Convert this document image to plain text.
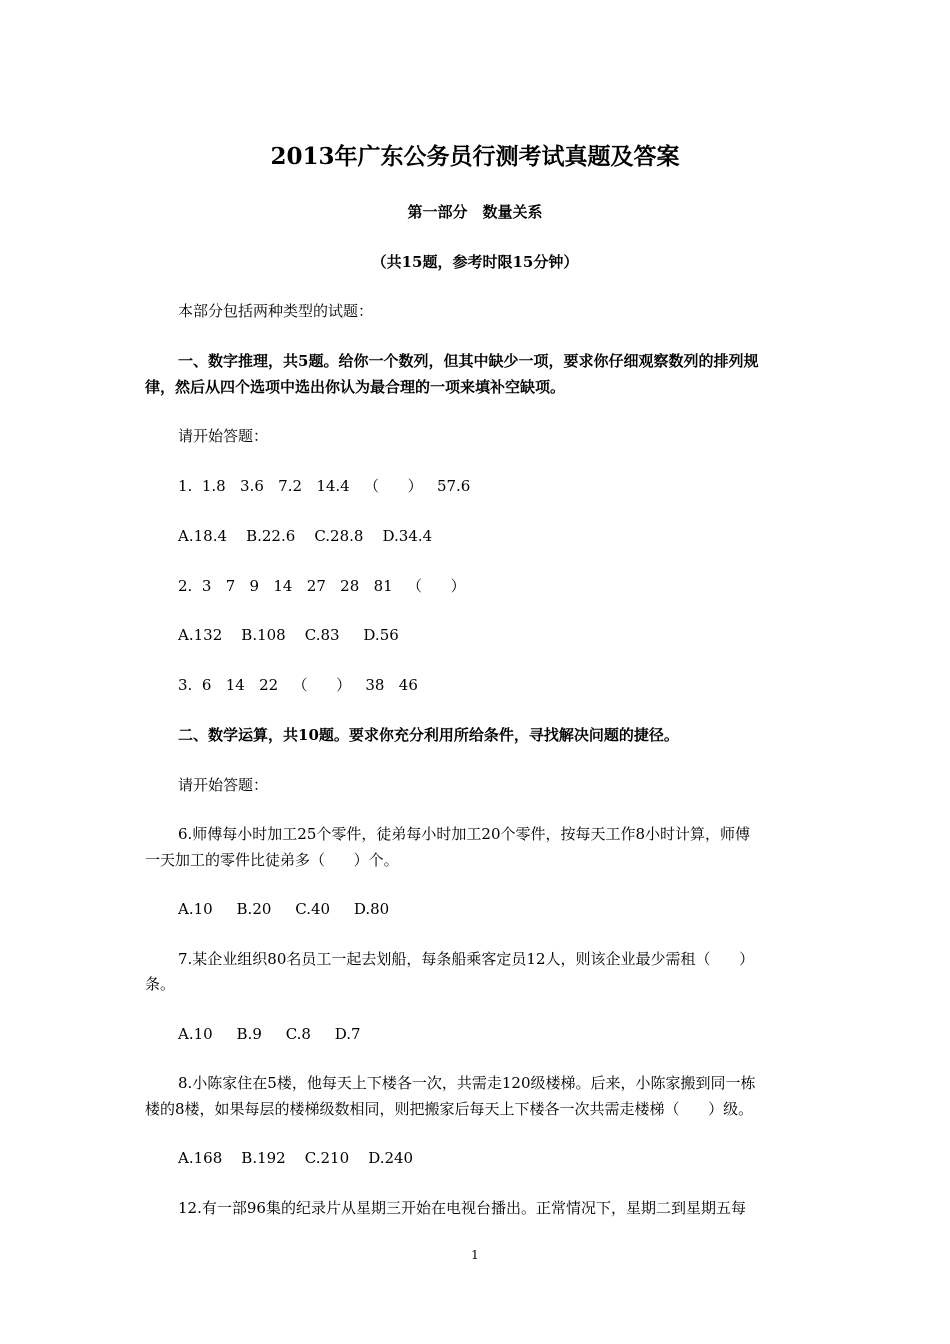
2013年广东公务员行测考试真题及答案
第一部分　数量关系
（共15题，参考时限15分钟）
本部分包括两种类型的试题：
一、数字推理，共5题。给你一个数列，但其中缺少一项，要求你仔细观察数列的排列规
律，然后从四个选项中选出你认为最合理的一项来填补空缺项。
请开始答题：
1.  1.8   3.6   7.2   14.4   （      ）   57.6
A.18.4    B.22.6    C.28.8    D.34.4
2.  3   7   9   14   27   28   81   （      ）
A.132    B.108    C.83     D.56
3.  6   14   22   （      ）   38   46
二、数学运算，共10题。要求你充分利用所给条件，寻找解决问题的捷径。
请开始答题：
6.师傅每小时加工25个零件，徒弟每小时加工20个零件，按每天工作8小时计算，师傅
一天加工的零件比徒弟多（      ）个。
A.10     B.20     C.40     D.80
7.某企业组织80名员工一起去划船，每条船乘客定员12人，则该企业最少需租（      ）
条。
A.10     B.9     C.8     D.7
8.小陈家住在5楼，他每天上下楼各一次，共需走120级楼梯。后来，小陈家搬到同一栋
楼的8楼，如果每层的楼梯级数相同，则把搬家后每天上下楼各一次共需走楼梯（      ）级。
A.168    B.192    C.210    D.240
12.有一部96集的纪录片从星期三开始在电视台播出。正常情况下，星期二到星期五每
1
